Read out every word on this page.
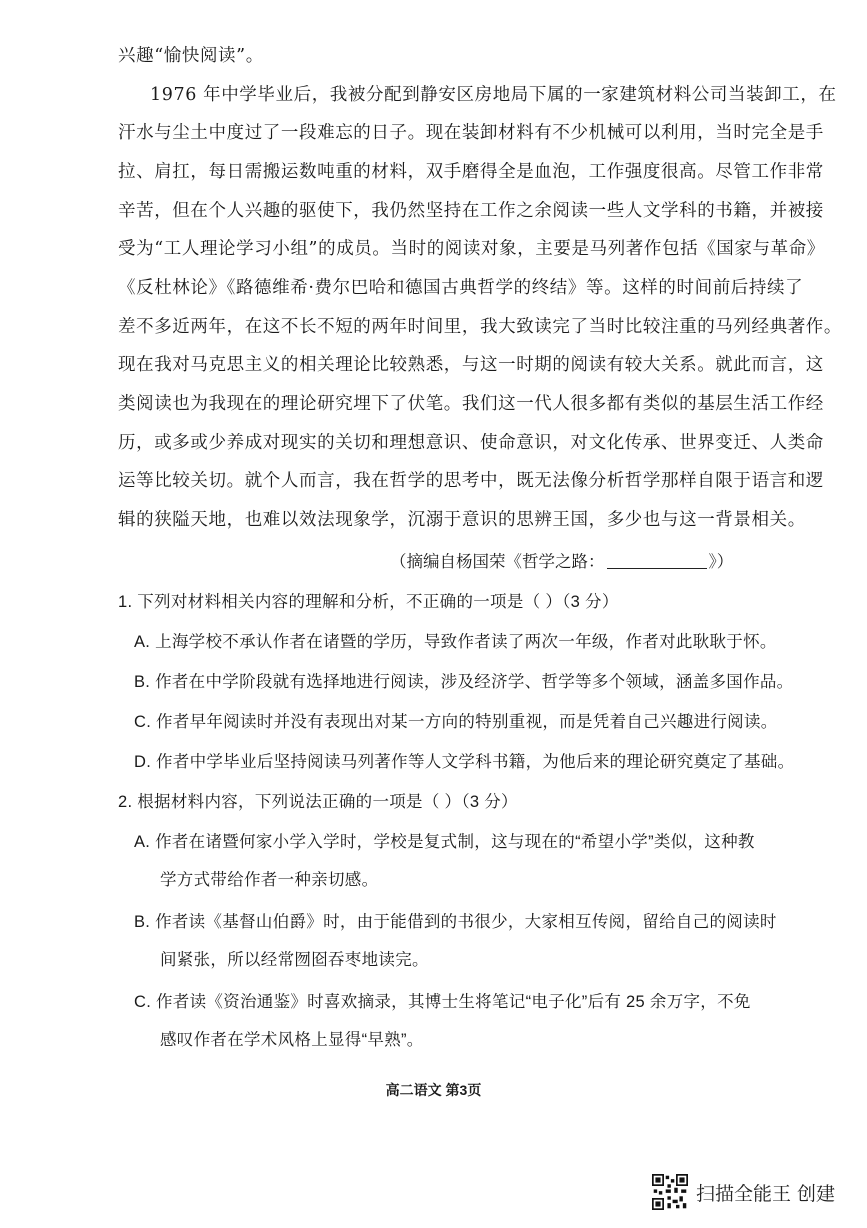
兴趣“愉快阅读”。
1976 年中学毕业后，我被分配到静安区房地局下属的一家建筑材料公司当装卸工，在
汗水与尘土中度过了一段难忘的日子。现在装卸材料有不少机械可以利用，当时完全是手
拉、肩扛，每日需搬运数吨重的材料，双手磨得全是血泡，工作强度很高。尽管工作非常
辛苦，但在个人兴趣的驱使下，我仍然坚持在工作之余阅读一些人文学科的书籍，并被接
受为“工人理论学习小组”的成员。当时的阅读对象，主要是马列著作包括《国家与革命》
《反杜林论》《路德维希·费尔巴哈和德国古典哲学的终结》等。这样的时间前后持续了
差不多近两年，在这不长不短的两年时间里，我大致读完了当时比较注重的马列经典著作。
现在我对马克思主义的相关理论比较熟悉，与这一时期的阅读有较大关系。就此而言，这
类阅读也为我现在的理论研究埋下了伏笔。我们这一代人很多都有类似的基层生活工作经
历，或多或少养成对现实的关切和理想意识、使命意识，对文化传承、世界变迁、人类命
（摘编自杨国荣《哲学之路：	》）
1. 下列对材料相关内容的理解和分析，不正确的一项是（ ）（3 分）
A. 上海学校不承认作者在诸暨的学历，导致作者读了两次一年级，作者对此耿耿于怀。
B. 作者在中学阶段就有选择地进行阅读，涉及经济学、哲学等多个领域，涵盖多国作品。
C. 作者早年阅读时并没有表现出对某一方向的特别重视，而是凭着自己兴趣进行阅读。
D. 作者中学毕业后坚持阅读马列著作等人文学科书籍，为他后来的理论研究奠定了基础。
2. 根据材料内容，下列说法正确的一项是（ ）（3 分）
A. 作者在诸暨何家小学入学时，学校是复式制，这与现在的“希望小学”类似，这种教
学方式带给作者一种亲切感。
B. 作者读《基督山伯爵》时，由于能借到的书很少，大家相互传阅，留给自己的阅读时
间紧张，所以经常囫囵吞枣地读完。
C. 作者读《资治通鉴》时喜欢摘录，其博士生将笔记“电子化”后有 25 余万字，不免
感叹作者在学术风格上显得“早熟”。
高二语文 第3页
扫描全能王 创建
运等比较关切。就个人而言，我在哲学的思考中，既无法像分析哲学那样自限于语言和逻
辑的狭隘天地，也难以效法现象学，沉溺于意识的思辨王国，多少也与这一背景相关。
